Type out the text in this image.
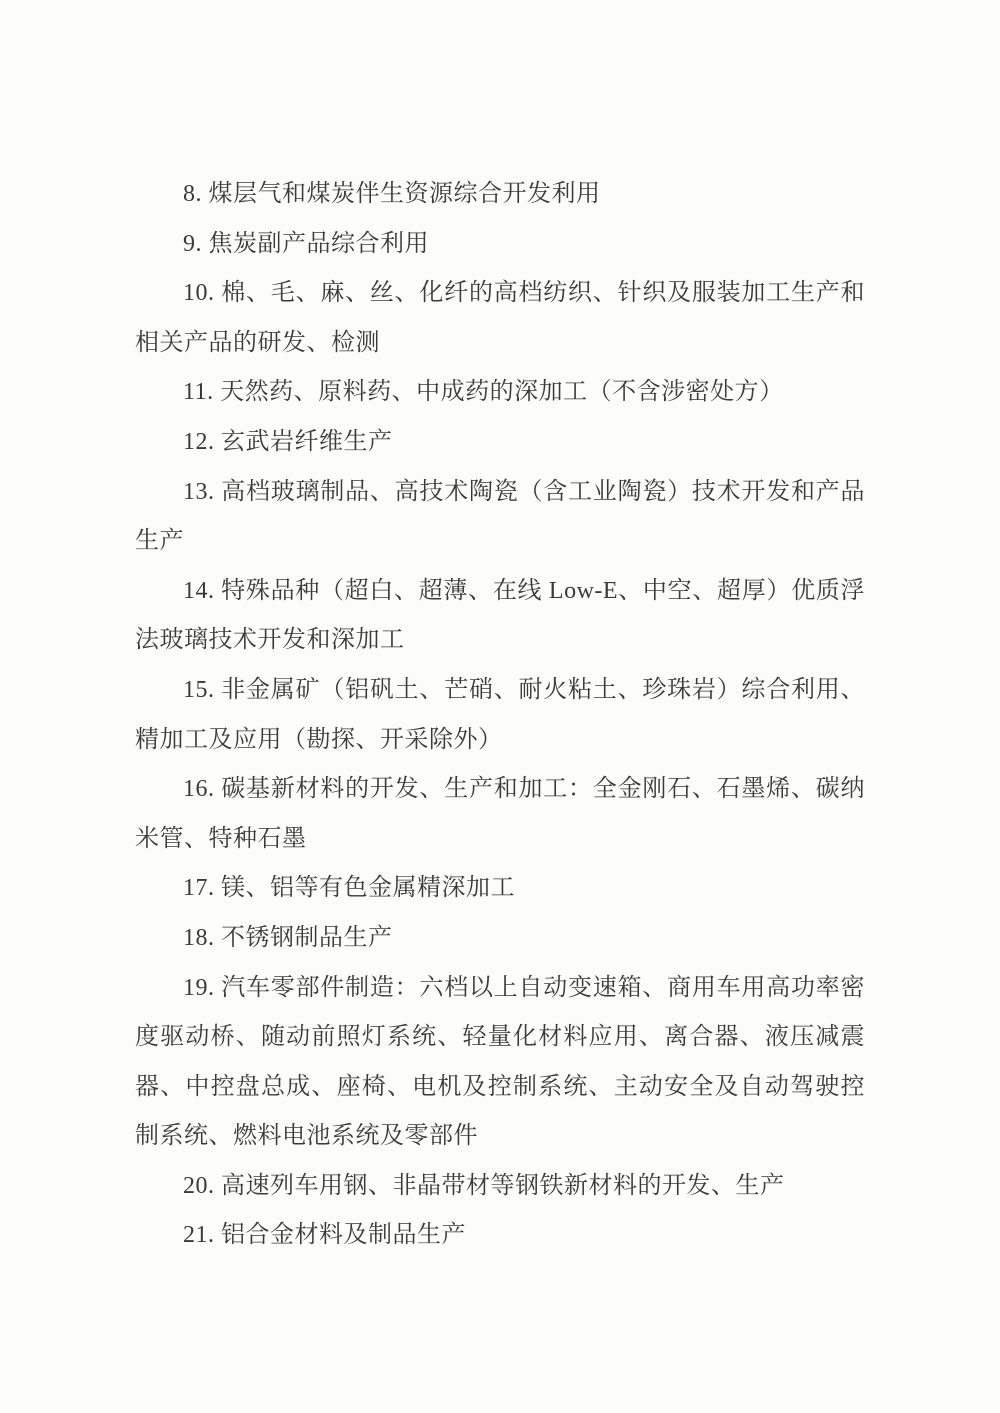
8. 煤层气和煤炭伴生资源综合开发利用

9. 焦炭副产品综合利用

10. 棉、毛、麻、丝、化纤的高档纺织、针织及服装加工生产和相关产品的研发、检测

11. 天然药、原料药、中成药的深加工（不含涉密处方）

12. 玄武岩纤维生产

13. 高档玻璃制品、高技术陶瓷（含工业陶瓷）技术开发和产品生产

14. 特殊品种（超白、超薄、在线 Low-E、中空、超厚）优质浮法玻璃技术开发和深加工

15. 非金属矿（铝矾土、芒硝、耐火粘土、珍珠岩）综合利用、精加工及应用（勘探、开采除外）

16. 碳基新材料的开发、生产和加工：全金刚石、石墨烯、碳纳米管、特种石墨

17. 镁、铝等有色金属精深加工

18. 不锈钢制品生产

19. 汽车零部件制造：六档以上自动变速箱、商用车用高功率密度驱动桥、随动前照灯系统、轻量化材料应用、离合器、液压减震器、中控盘总成、座椅、电机及控制系统、主动安全及自动驾驶控制系统、燃料电池系统及零部件

20. 高速列车用钢、非晶带材等钢铁新材料的开发、生产

21. 铝合金材料及制品生产
